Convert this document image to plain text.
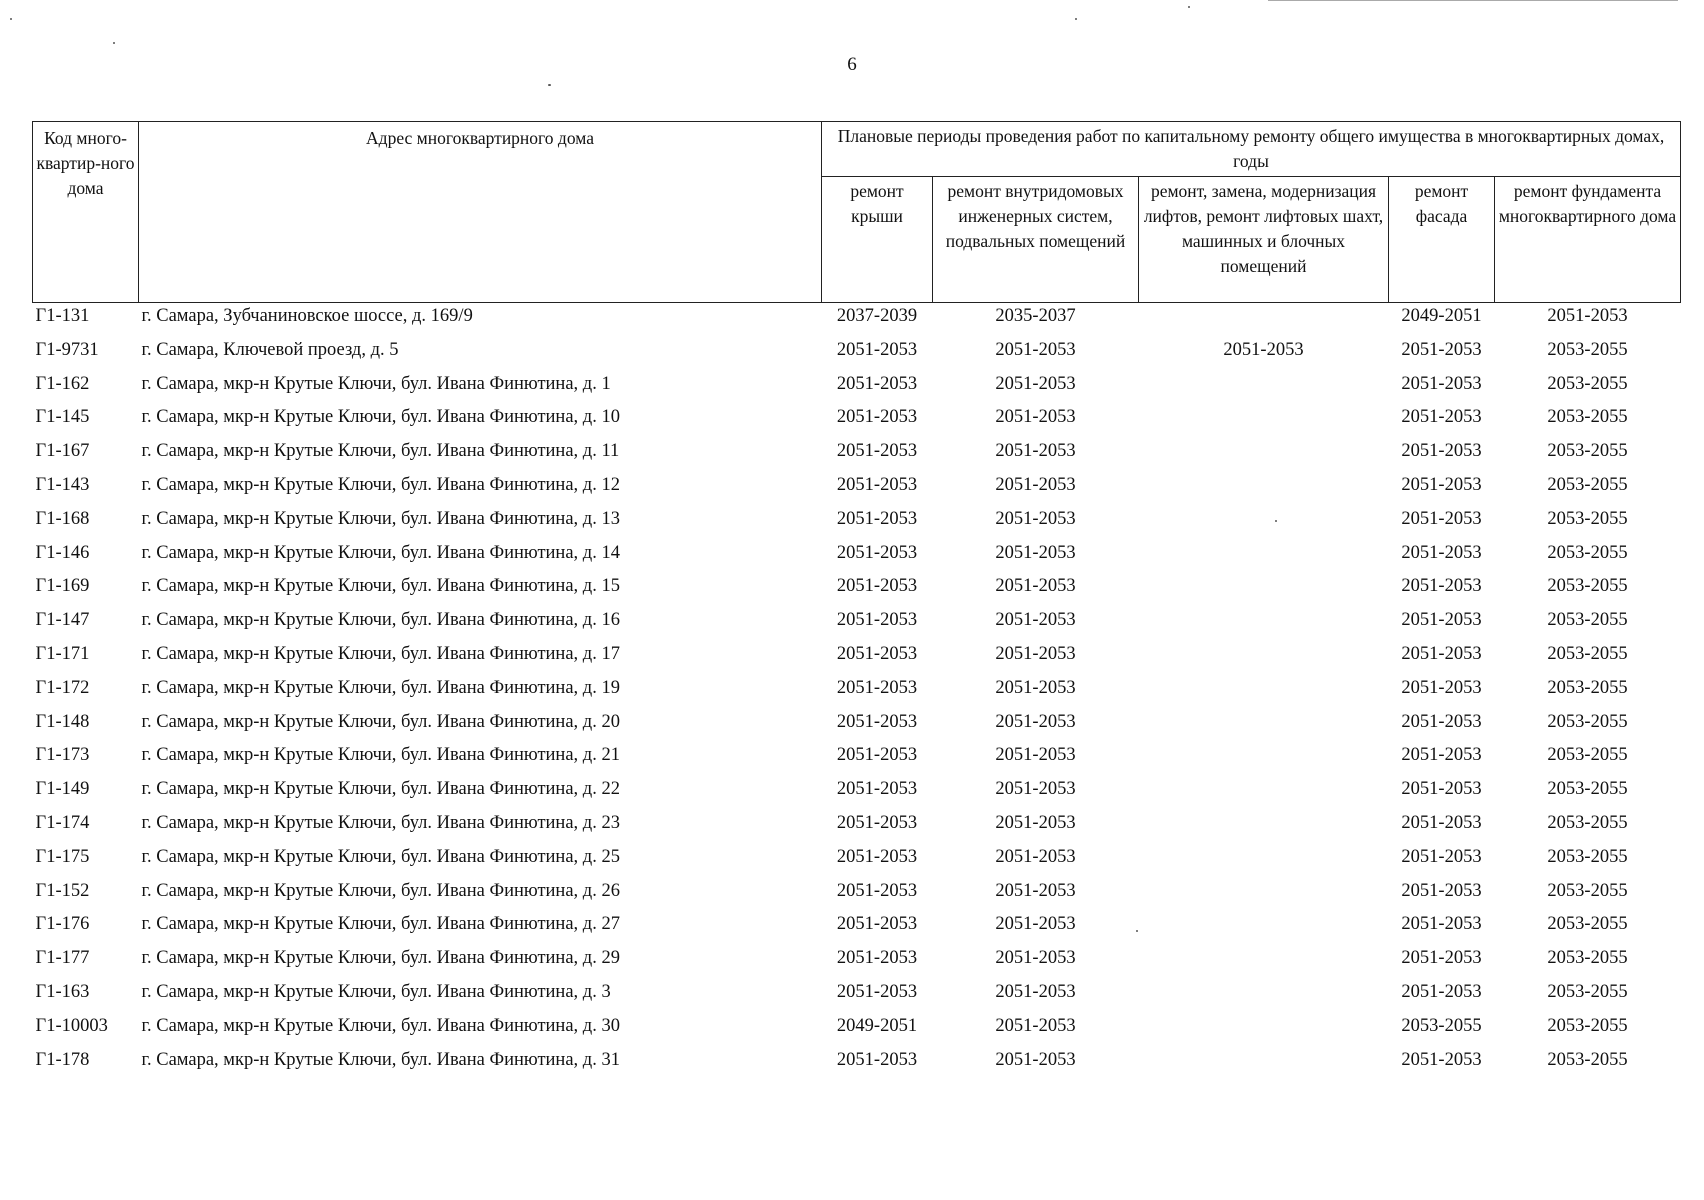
6
Код много-квартир-ного дома	Адрес многоквартирного дома	Плановые периоды проведения работ по капитальному ремонту общего имущества в многоквартирных домах, годы				
		ремонт крыши	ремонт внутридомовых инженерных систем, подвальных помещений	ремонт, замена, модернизация лифтов, ремонт лифтовых шахт, машинных и блочных помещений	ремонт фасада	ремонт фундамента многоквартирного дома
Г1-131	г. Самара, Зубчаниновское шоссе, д. 169/9	2037-2039	2035-2037		2049-2051	2051-2053
Г1-9731	г. Самара, Ключевой проезд, д. 5	2051-2053	2051-2053	2051-2053	2051-2053	2053-2055
Г1-162	г. Самара, мкр-н Крутые Ключи, бул. Ивана Финютина, д. 1	2051-2053	2051-2053		2051-2053	2053-2055
Г1-145	г. Самара, мкр-н Крутые Ключи, бул. Ивана Финютина, д. 10	2051-2053	2051-2053		2051-2053	2053-2055
Г1-167	г. Самара, мкр-н Крутые Ключи, бул. Ивана Финютина, д. 11	2051-2053	2051-2053		2051-2053	2053-2055
Г1-143	г. Самара, мкр-н Крутые Ключи, бул. Ивана Финютина, д. 12	2051-2053	2051-2053		2051-2053	2053-2055
Г1-168	г. Самара, мкр-н Крутые Ключи, бул. Ивана Финютина, д. 13	2051-2053	2051-2053		2051-2053	2053-2055
Г1-146	г. Самара, мкр-н Крутые Ключи, бул. Ивана Финютина, д. 14	2051-2053	2051-2053		2051-2053	2053-2055
Г1-169	г. Самара, мкр-н Крутые Ключи, бул. Ивана Финютина, д. 15	2051-2053	2051-2053		2051-2053	2053-2055
Г1-147	г. Самара, мкр-н Крутые Ключи, бул. Ивана Финютина, д. 16	2051-2053	2051-2053		2051-2053	2053-2055
Г1-171	г. Самара, мкр-н Крутые Ключи, бул. Ивана Финютина, д. 17	2051-2053	2051-2053		2051-2053	2053-2055
Г1-172	г. Самара, мкр-н Крутые Ключи, бул. Ивана Финютина, д. 19	2051-2053	2051-2053		2051-2053	2053-2055
Г1-148	г. Самара, мкр-н Крутые Ключи, бул. Ивана Финютина, д. 20	2051-2053	2051-2053		2051-2053	2053-2055
Г1-173	г. Самара, мкр-н Крутые Ключи, бул. Ивана Финютина, д. 21	2051-2053	2051-2053		2051-2053	2053-2055
Г1-149	г. Самара, мкр-н Крутые Ключи, бул. Ивана Финютина, д. 22	2051-2053	2051-2053		2051-2053	2053-2055
Г1-174	г. Самара, мкр-н Крутые Ключи, бул. Ивана Финютина, д. 23	2051-2053	2051-2053		2051-2053	2053-2055
Г1-175	г. Самара, мкр-н Крутые Ключи, бул. Ивана Финютина, д. 25	2051-2053	2051-2053		2051-2053	2053-2055
Г1-152	г. Самара, мкр-н Крутые Ключи, бул. Ивана Финютина, д. 26	2051-2053	2051-2053		2051-2053	2053-2055
Г1-176	г. Самара, мкр-н Крутые Ключи, бул. Ивана Финютина, д. 27	2051-2053	2051-2053		2051-2053	2053-2055
Г1-177	г. Самара, мкр-н Крутые Ключи, бул. Ивана Финютина, д. 29	2051-2053	2051-2053		2051-2053	2053-2055
Г1-163	г. Самара, мкр-н Крутые Ключи, бул. Ивана Финютина, д. 3	2051-2053	2051-2053		2051-2053	2053-2055
Г1-10003	г. Самара, мкр-н Крутые Ключи, бул. Ивана Финютина, д. 30	2049-2051	2051-2053		2053-2055	2053-2055
Г1-178	г. Самара, мкр-н Крутые Ключи, бул. Ивана Финютина, д. 31	2051-2053	2051-2053		2051-2053	2053-2055
